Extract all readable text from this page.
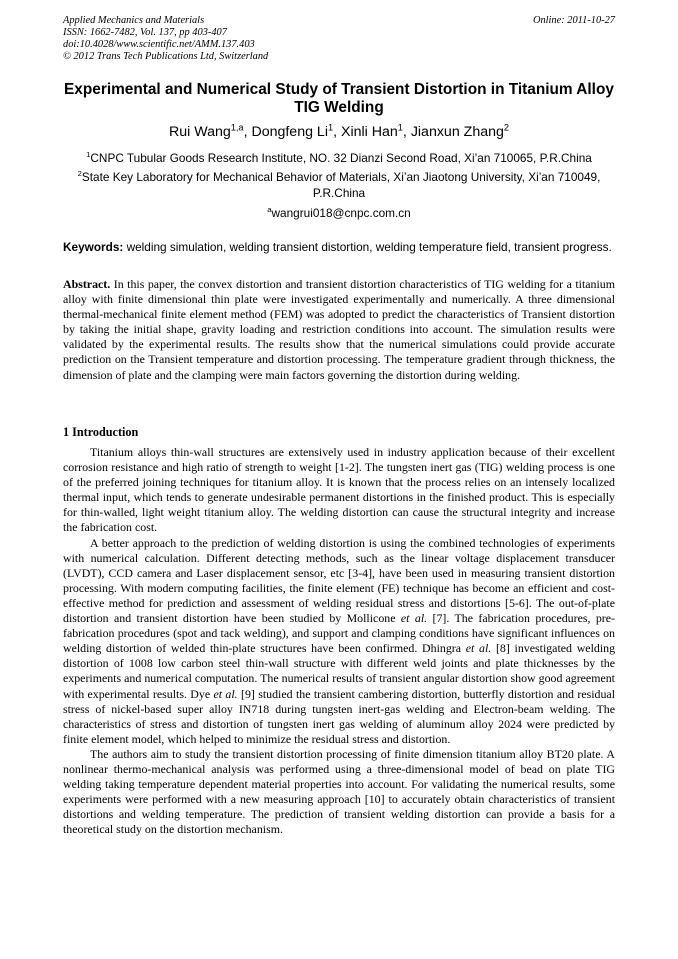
Applied Mechanics and Materials
ISSN: 1662-7482, Vol. 137, pp 403-407
doi:10.4028/www.scientific.net/AMM.137.403
© 2012 Trans Tech Publications Ltd, Switzerland
Online: 2011-10-27
Experimental and Numerical Study of Transient Distortion in Titanium Alloy TIG Welding
Rui Wang$^{1,a}$, Dongfeng Li$^1$, Xinli Han$^1$, Jianxun Zhang$^2$
$^1$CNPC Tubular Goods Research Institute, NO. 32 Dianzi Second Road, Xi’an 710065, P.R.China
$^2$State Key Laboratory for Mechanical Behavior of Materials, Xi’an Jiaotong University, Xi’an 710049, P.R.China
$^a$wangrui018@cnpc.com.cn
Keywords: welding simulation, welding transient distortion, welding temperature field, transient progress.
Abstract. In this paper, the convex distortion and transient distortion characteristics of TIG welding for a titanium alloy with finite dimensional thin plate were investigated experimentally and numerically. A three dimensional thermal-mechanical finite element method (FEM) was adopted to predict the characteristics of Transient distortion by taking the initial shape, gravity loading and restriction conditions into account. The simulation results were validated by the experimental results. The results show that the numerical simulations could provide accurate prediction on the Transient temperature and distortion processing. The temperature gradient through thickness, the dimension of plate and the clamping were main factors governing the distortion during welding.
1 Introduction

Titanium alloys thin-wall structures are extensively used in industry application because of their excellent corrosion resistance and high ratio of strength to weight [1-2]. The tungsten inert gas (TIG) welding process is one of the preferred joining techniques for titanium alloy. It is known that the process relies on an intensely localized thermal input, which tends to generate undesirable permanent distortions in the finished product. This is especially for thin-walled, light weight titanium alloy. The welding distortion can cause the structural integrity and increase the fabrication cost.

A better approach to the prediction of welding distortion is using the combined technologies of experiments with numerical calculation. Different detecting methods, such as the linear voltage displacement transducer (LVDT), CCD camera and Laser displacement sensor, etc [3-4], have been used in measuring transient distortion processing. With modern computing facilities, the finite element (FE) technique has become an efficient and cost-effective method for prediction and assessment of welding residual stress and distortions [5-6]. The out-of-plate distortion and transient distortion have been studied by Mollicone et al. [7]. The fabrication procedures, pre-fabrication procedures (spot and tack welding), and support and clamping conditions have significant influences on welding distortion of welded thin-plate structures have been confirmed. Dhingra et al. [8] investigated welding distortion of 1008 low carbon steel thin-wall structure with different weld joints and plate thicknesses by the experiments and numerical computation. The numerical results of transient angular distortion show good agreement with experimental results. Dye et al. [9] studied the transient cambering distortion, butterfly distortion and residual stress of nickel-based super alloy IN718 during tungsten inert-gas welding and Electron-beam welding. The characteristics of stress and distortion of tungsten inert gas welding of aluminum alloy 2024 were predicted by finite element model, which helped to minimize the residual stress and distortion.

The authors aim to study the transient distortion processing of finite dimension titanium alloy BT20 plate. A nonlinear thermo-mechanical analysis was performed using a three-dimensional model of bead on plate TIG welding taking temperature dependent material properties into account. For validating the numerical results, some experiments were performed with a new measuring approach [10] to accurately obtain characteristics of transient distortions and welding temperature. The prediction of transient welding distortion can provide a basis for a theoretical study on the distortion mechanism.
